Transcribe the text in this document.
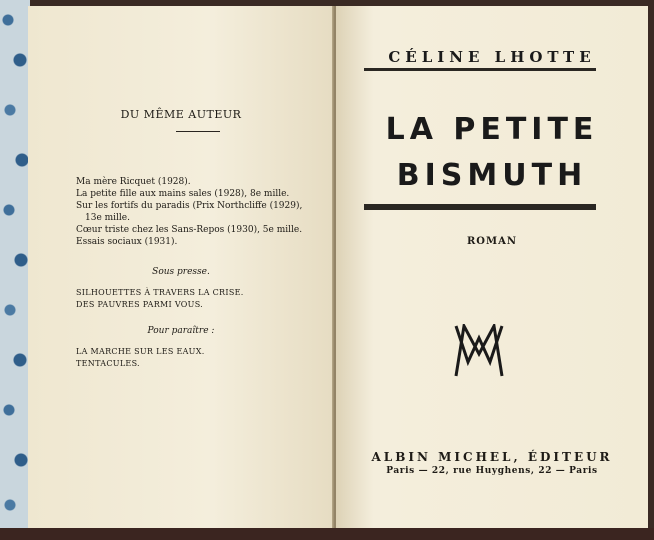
DU MÊME AUTEUR
Ma mère Ricquet (1928).
La petite fille aux mains sales (1928), 8e mille.
Sur les fortifs du paradis (Prix Northcliffe (1929),
13e mille.
Cœur triste chez les Sans-Repos (1930), 5e mille.
Essais sociaux (1931).
Sous presse.
SILHOUETTES À TRAVERS LA CRISE.
DES PAUVRES PARMI VOUS.
Pour paraître :
LA MARCHE SUR LES EAUX.
TENTACULES.
CÉLINE LHOTTE
LA PETITE
BISMUTH
ROMAN
ALBIN MICHEL, ÉDITEUR
Paris — 22, rue Huyghens, 22 — Paris
